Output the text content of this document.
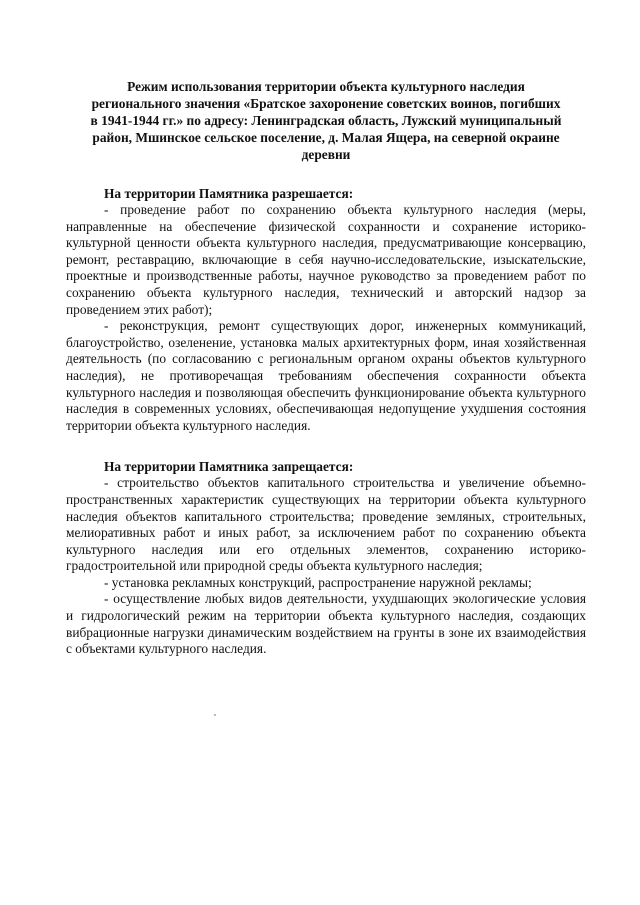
Режим использования территории объекта культурного наследия
регионального значения «Братское захоронение советских воинов, погибших
в 1941-1944 гг.» по адресу: Ленинградская область, Лужский муниципальный
район, Мшинское сельское поселение, д. Малая Ящера, на северной окраине
деревни

На территории Памятника разрешается:

- проведение работ по сохранению объекта культурного наследия (меры, направленные на обеспечение физической сохранности и сохранение историко-культурной ценности объекта культурного наследия, предусматривающие консервацию, ремонт, реставрацию, включающие в себя научно-исследовательские, изыскательские, проектные и производственные работы, научное руководство за проведением работ по сохранению объекта культурного наследия, технический и авторский надзор за проведением этих работ);

- реконструкция, ремонт существующих дорог, инженерных коммуникаций, благоустройство, озеленение, установка малых архитектурных форм, иная хозяйственная деятельность (по согласованию с региональным органом охраны объектов культурного наследия), не противоречащая требованиям обеспечения сохранности объекта культурного наследия и позволяющая обеспечить функционирование объекта культурного наследия в современных условиях, обеспечивающая недопущение ухудшения состояния территории объекта культурного наследия.

На территории Памятника запрещается:

- строительство объектов капитального строительства и увеличение объемно-пространственных характеристик существующих на территории объекта культурного наследия объектов капитального строительства; проведение земляных, строительных, мелиоративных работ и иных работ, за исключением работ по сохранению объекта культурного наследия или его отдельных элементов, сохранению историко-градостроительной или природной среды объекта культурного наследия;

- установка рекламных конструкций, распространение наружной рекламы;

- осуществление любых видов деятельности, ухудшающих экологические условия и гидрологический режим на территории объекта культурного наследия, создающих вибрационные нагрузки динамическим воздействием на грунты в зоне их взаимодействия с объектами культурного наследия.
